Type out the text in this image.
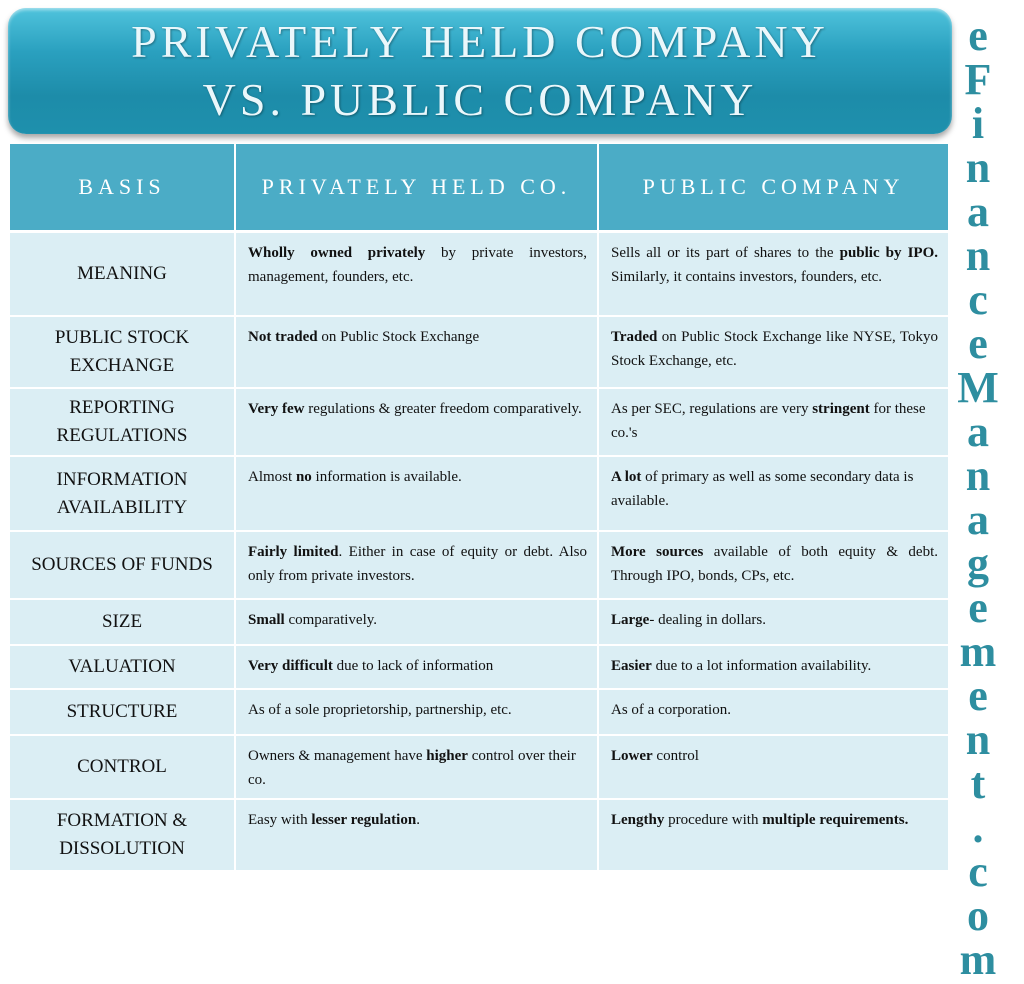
PRIVATELY HELD COMPANY
VS. PUBLIC COMPANY
e
F
i
n
a
n
c
e
M
a
n
a
g
e
m
e
n
t
.
c
o
m
BASIS	PRIVATELY HELD CO.	PUBLIC COMPANY
MEANING	Wholly owned privately by private investors, management, founders, etc.	Sells all or its part of shares to the public by IPO. Similarly, it contains investors, founders, etc.
PUBLIC STOCK EXCHANGE	Not traded on Public Stock Exchange	Traded on Public Stock Exchange like NYSE, Tokyo Stock Exchange, etc.
REPORTING REGULATIONS	Very few regulations & greater freedom comparatively.	As per SEC, regulations are very stringent for these co.'s
INFORMATION AVAILABILITY	Almost no information is available.	A lot of primary as well as some secondary data is available.
SOURCES OF FUNDS	Fairly limited. Either in case of equity or debt. Also only from private investors.	More sources available of both equity & debt. Through IPO, bonds, CPs, etc.
SIZE	Small comparatively.	Large- dealing in dollars.
VALUATION	Very difficult due to lack of information	Easier due to a lot information availability.
STRUCTURE	As of a sole proprietorship, partnership, etc.	As of a corporation.
CONTROL	Owners & management have higher control over their co.	Lower control
FORMATION & DISSOLUTION	Easy with lesser regulation.	Lengthy procedure with multiple requirements.
